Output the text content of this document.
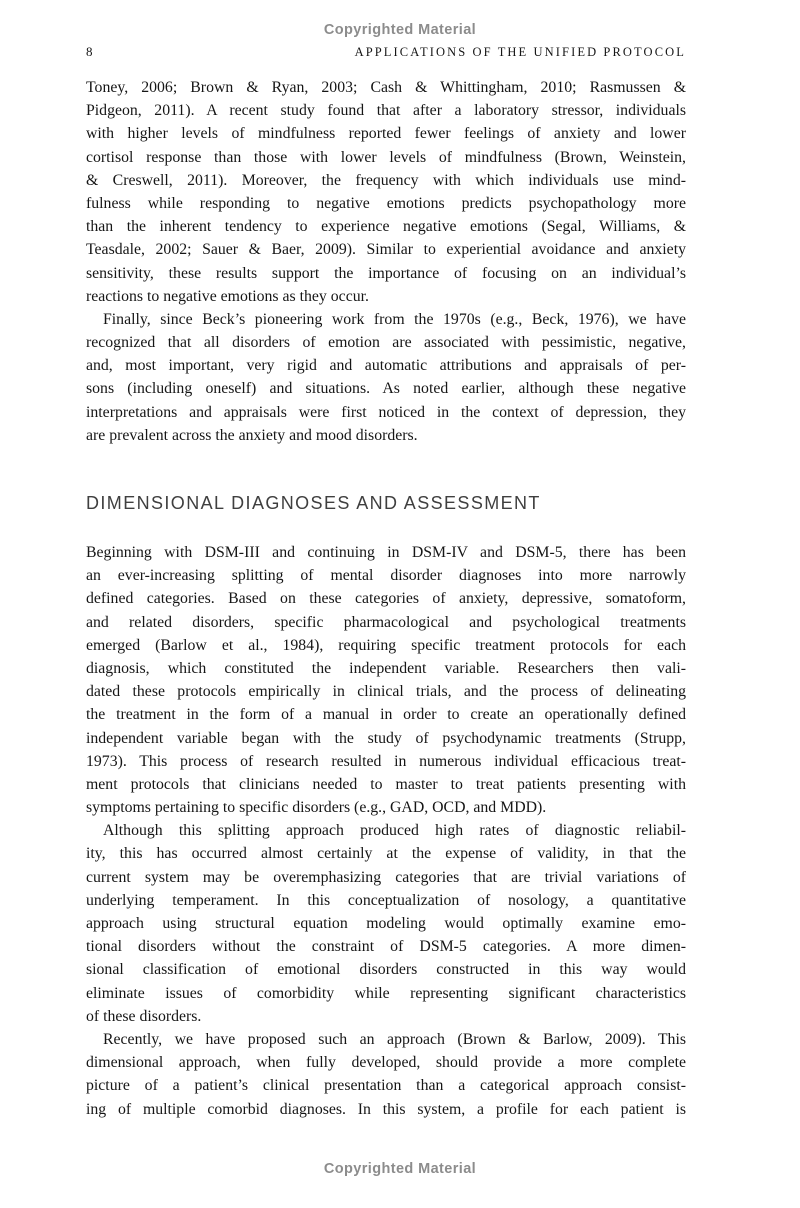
Copyrighted Material
8	APPLICATIONS OF THE UNIFIED PROTOCOL
Toney, 2006; Brown & Ryan, 2003; Cash & Whittingham, 2010; Rasmussen &
Pidgeon, 2011). A recent study found that after a laboratory stressor, individuals
with higher levels of mindfulness reported fewer feelings of anxiety and lower
cortisol response than those with lower levels of mindfulness (Brown, Weinstein,
& Creswell, 2011). Moreover, the frequency with which individuals use mind-
fulness while responding to negative emotions predicts psychopathology more
than the inherent tendency to experience negative emotions (Segal, Williams, &
Teasdale, 2002; Sauer & Baer, 2009). Similar to experiential avoidance and anxiety
sensitivity, these results support the importance of focusing on an individual’s
reactions to negative emotions as they occur.
Finally, since Beck’s pioneering work from the 1970s (e.g., Beck, 1976), we have
recognized that all disorders of emotion are associated with pessimistic, negative,
and, most important, very rigid and automatic attributions and appraisals of per-
sons (including oneself) and situations. As noted earlier, although these negative
interpretations and appraisals were first noticed in the context of depression, they
are prevalent across the anxiety and mood disorders.
DIMENSIONAL DIAGNOSES AND ASSESSMENT
Beginning with DSM-III and continuing in DSM-IV and DSM-5, there has been
an ever-increasing splitting of mental disorder diagnoses into more narrowly
defined categories. Based on these categories of anxiety, depressive, somatoform,
and related disorders, specific pharmacological and psychological treatments
emerged (Barlow et al., 1984), requiring specific treatment protocols for each
diagnosis, which constituted the independent variable. Researchers then vali-
dated these protocols empirically in clinical trials, and the process of delineating
the treatment in the form of a manual in order to create an operationally defined
independent variable began with the study of psychodynamic treatments (Strupp,
1973). This process of research resulted in numerous individual efficacious treat-
ment protocols that clinicians needed to master to treat patients presenting with
symptoms pertaining to specific disorders (e.g., GAD, OCD, and MDD).
Although this splitting approach produced high rates of diagnostic reliabil-
ity, this has occurred almost certainly at the expense of validity, in that the
current system may be overemphasizing categories that are trivial variations of
underlying temperament. In this conceptualization of nosology, a quantitative
approach using structural equation modeling would optimally examine emo-
tional disorders without the constraint of DSM-5 categories. A more dimen-
sional classification of emotional disorders constructed in this way would
eliminate issues of comorbidity while representing significant characteristics
of these disorders.
Recently, we have proposed such an approach (Brown & Barlow, 2009). This
dimensional approach, when fully developed, should provide a more complete
picture of a patient’s clinical presentation than a categorical approach consist-
ing of multiple comorbid diagnoses. In this system, a profile for each patient is
Copyrighted Material
